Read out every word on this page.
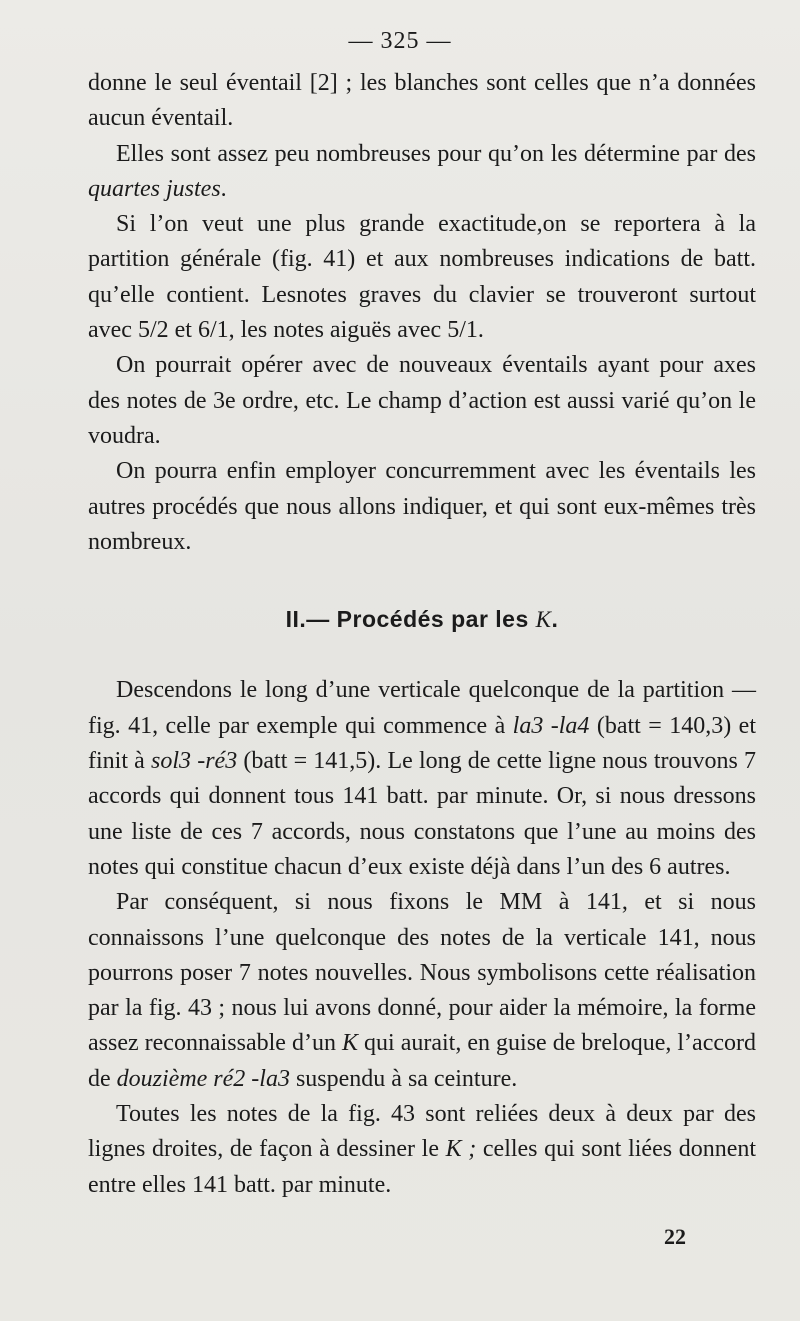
— 325 —

donne le seul éventail [2] ; les blanches sont celles que n’a données aucun éventail.

Elles sont assez peu nombreuses pour qu’on les détermine par des quartes justes.

Si l’on veut une plus grande exactitude,on se reportera à la partition générale (fig. 41) et aux nombreuses indications de batt. qu’elle contient. Lesnotes graves du clavier se trouveront surtout avec 5/2 et 6/1, les notes aiguës avec 5/1.

On pourrait opérer avec de nouveaux éventails ayant pour axes des notes de 3e ordre, etc. Le champ d’action est aussi varié qu’on le voudra.

On pourra enfin employer concurremment avec les éventails les autres procédés que nous allons indiquer, et qui sont eux-mêmes très nombreux.

II.— Procédés par les K.

Descendons le long d’une verticale quelconque de la partition — fig. 41, celle par exemple qui commence à la3 -la4 (batt = 140,3) et finit à sol3 -ré3 (batt = 141,5). Le long de cette ligne nous trouvons 7 accords qui donnent tous 141 batt. par minute. Or, si nous dressons une liste de ces 7 accords, nous constatons que l’une au moins des notes qui constitue chacun d’eux existe déjà dans l’un des 6 autres.

Par conséquent, si nous fixons le MM à 141, et si nous connaissons l’une quelconque des notes de la verticale 141, nous pourrons poser 7 notes nouvelles. Nous symbolisons cette réalisation par la fig. 43 ; nous lui avons donné, pour aider la mémoire, la forme assez reconnaissable d’un K qui aurait, en guise de breloque, l’accord de douzième ré2 -la3 suspendu à sa ceinture.

Toutes les notes de la fig. 43 sont reliées deux à deux par des lignes droites, de façon à dessiner le K ; celles qui sont liées donnent entre elles 141 batt. par minute.

22
